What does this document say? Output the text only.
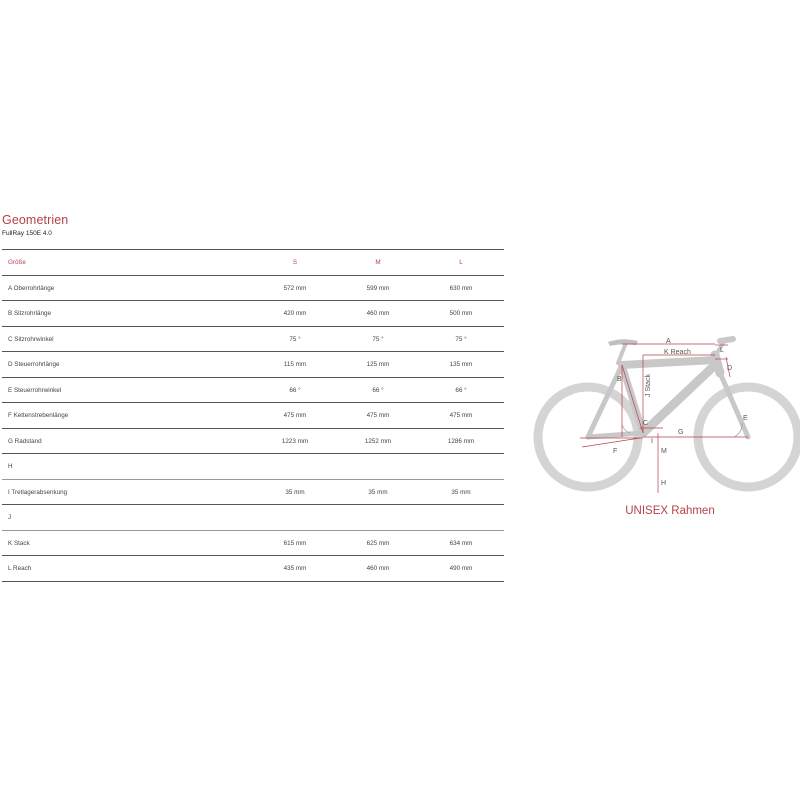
Geometrien
FullRay 150E 4.0
Größe	S	M	L
A Oberrohrlänge	572 mm	599 mm	630 mm
B Sitzrohrlänge	420 mm	460 mm	500 mm
C Sitzrohrwinkel	75 °	75 °	75 °
D Steuerrohrlänge	115 mm	125 mm	135 mm
E Steuerrohrwinkel	66 °	66 °	66 °
F Kettenstrebenlänge	475 mm	475 mm	475 mm
G Radstand	1223 mm	1252 mm	1286 mm
H
I Tretlagerabsenkung	35 mm	35 mm	35 mm
J
K Stack	615 mm	625 mm	634 mm
L Reach	435 mm	460 mm	490 mm
A
K Reach	L
B
D
C
E
G
F	M
H
I
J Stack
UNISEX Rahmen
